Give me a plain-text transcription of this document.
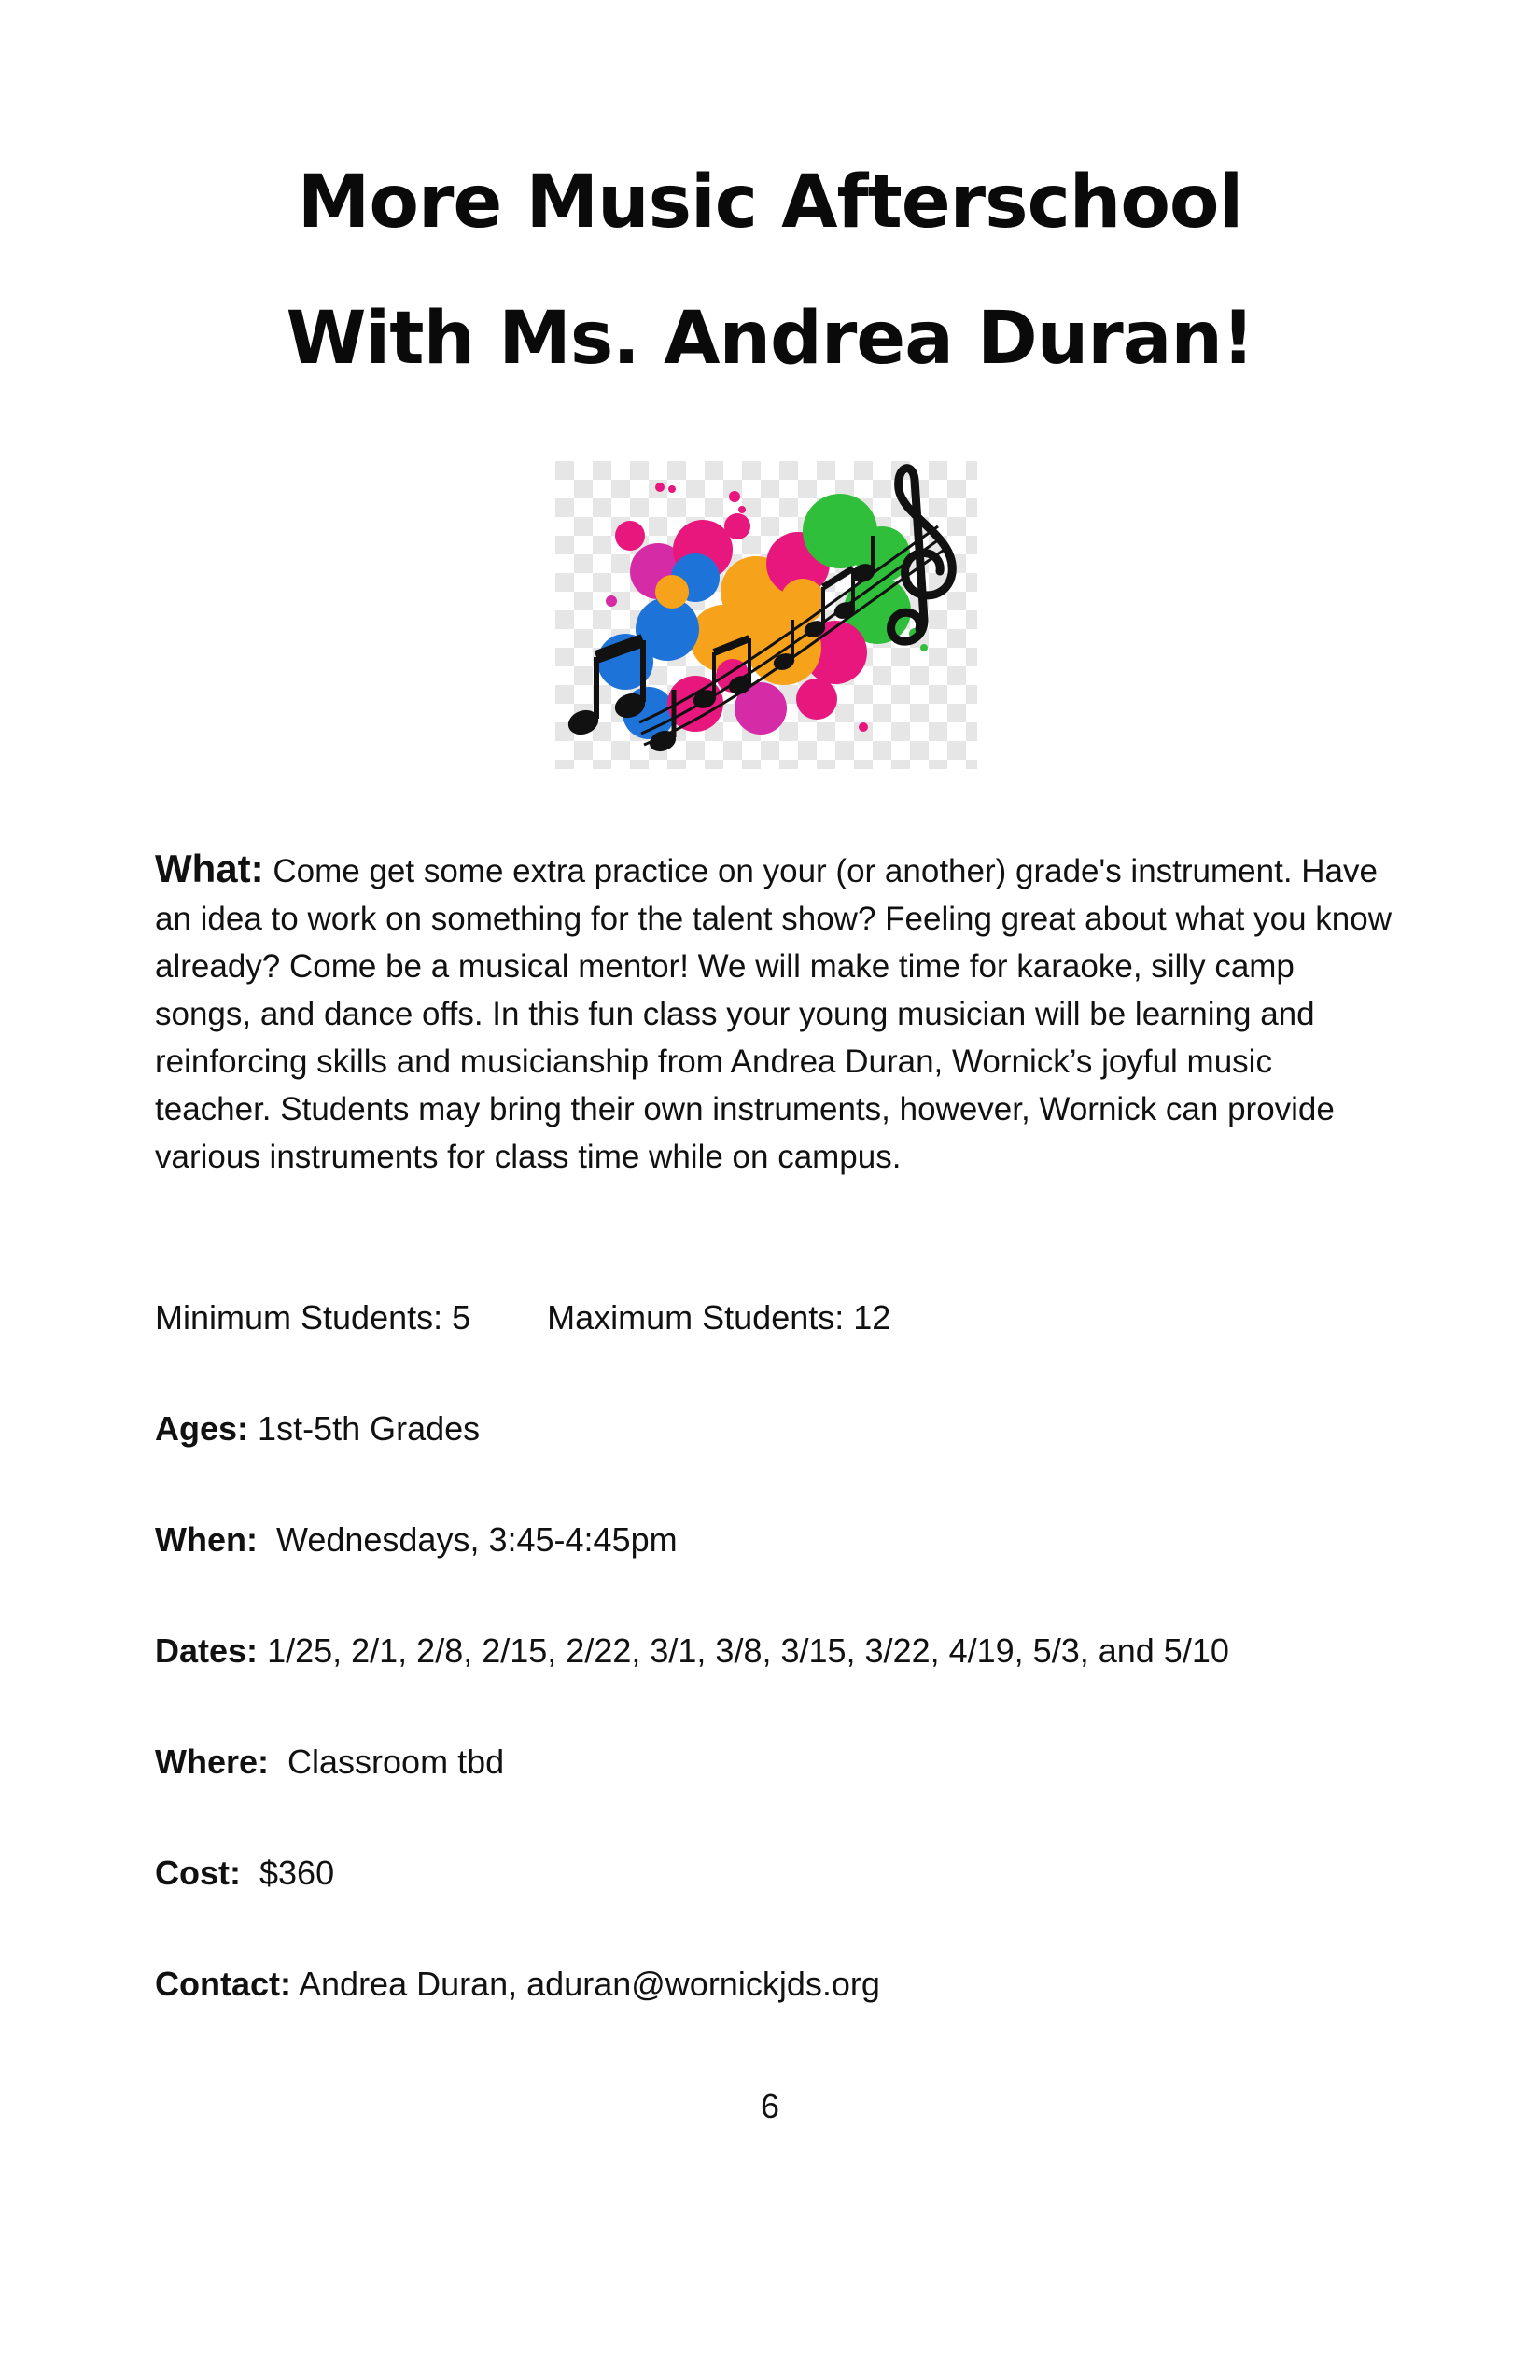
More Music Afterschool
With Ms. Andrea Duran!
What: Come get some extra practice on your (or another) grade's instrument. Have an idea to work on something for the talent show? Feeling great about what you know already? Come be a musical mentor! We will make time for karaoke, silly camp songs, and dance offs. In this fun class your young musician will be learning and reinforcing skills and musicianship from Andrea Duran, Wornick’s joyful music teacher. Students may bring their own instruments, however, Wornick can provide various instruments for class time while on campus.
Minimum Students: 5 Maximum Students: 12
Ages: 1st-5th Grades
When: Wednesdays, 3:45-4:45pm
Dates: 1/25, 2/1, 2/8, 2/15, 2/22, 3/1, 3/8, 3/15, 3/22, 4/19, 5/3, and 5/10
Where: Classroom tbd
Cost: $360
Contact: Andrea Duran, aduran@wornickjds.org
6
